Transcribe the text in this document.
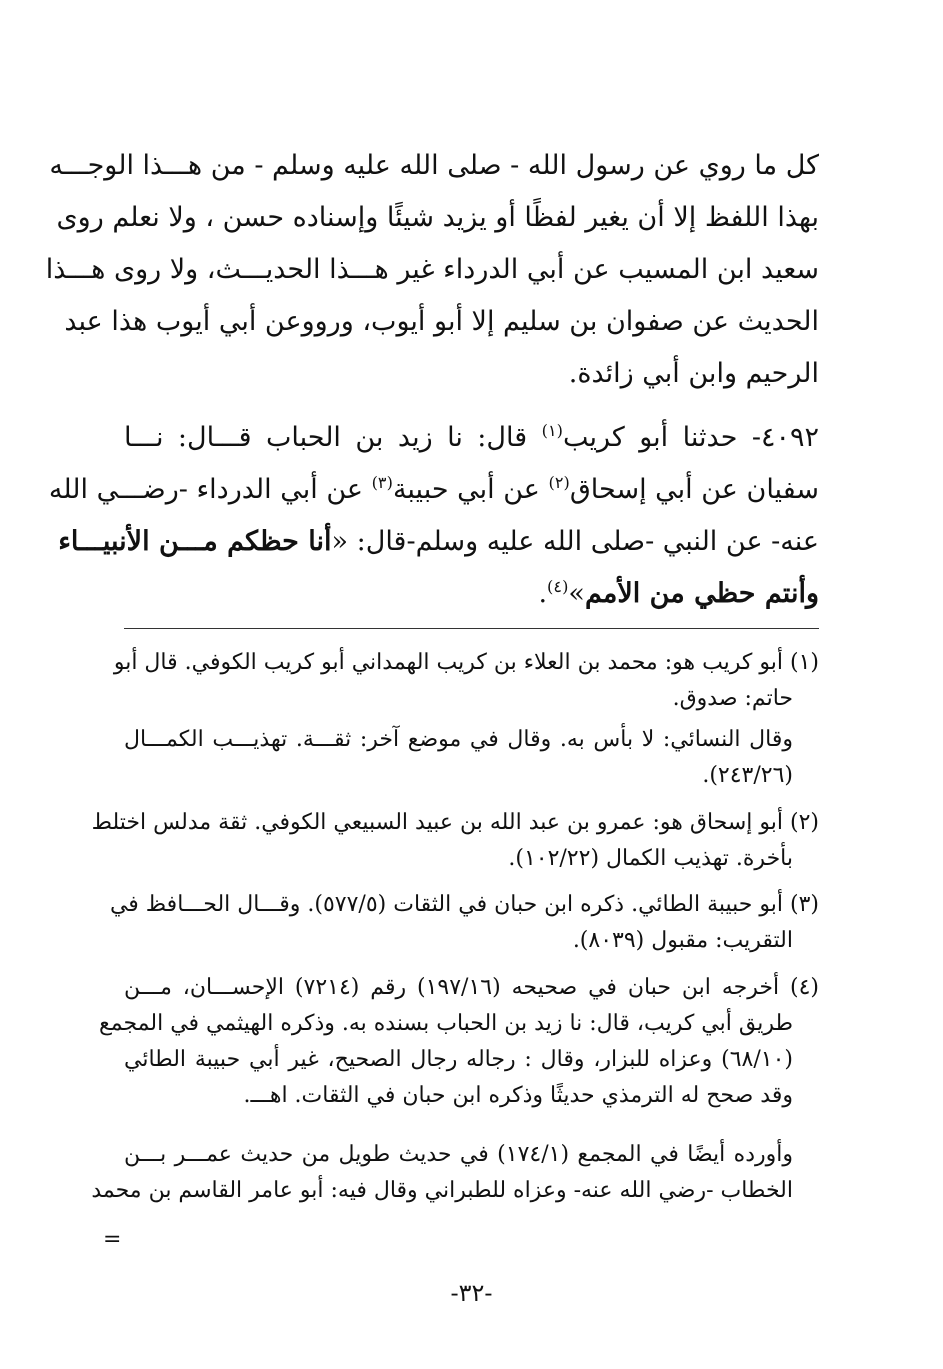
كل ما روي عن رسول الله - صلى الله عليه وسلم - من هـــذا الوجـــه
بهذا اللفظ إلا أن يغير لفظًا أو يزيد شيئًا وإسناده حسن ، ولا نعلم روى
سعيد ابن المسيب عن أبي الدرداء غير هـــذا الحديـــث، ولا روى هـــذا
الحديث عن صفوان بن سليم إلا أبو أيوب، ورووعن أبي أيوب هذا عبد
الرحيم وابن أبي زائدة.
٤٠٩٢- حدثنا أبو كريب$^{(١)}$ قال: نا زيد بن الحباب قـــال: نـــا
سفيان عن أبي إسحاق$^{(٢)}$ عن أبي حبيبة$^{(٣)}$ عن أبي الدرداء -رضـــي الله
عنه- عن النبي -صلى الله عليه وسلم-قال: «أنا حظكم مـــن الأنبيـــاء
وأنتم حظي من الأمم»$^{(٤)}$.
(١) أبو كريب هو: محمد بن العلاء بن كريب الهمداني أبو كريب الكوفي. قال أبو
حاتم: صدوق.
وقال النسائي: لا بأس به. وقال في موضع آخر: ثقـــة. تهذيـــب الكمـــال
(٢٤٣/٢٦).
(٢) أبو إسحاق هو: عمرو بن عبد الله بن عبيد السبيعي الكوفي. ثقة مدلس اختلط
بأخرة. تهذيب الكمال (١٠٢/٢٢).
(٣) أبو حبيبة الطائي. ذكره ابن حبان في الثقات (٥٧٧/٥). وقـــال الحـــافظ في
التقريب: مقبول (٨٠٣٩).
(٤) أخرجه ابن حبان في صحيحه (١٩٧/١٦) رقم (٧٢١٤) الإحســـان، مـــن
طريق أبي كريب، قال: نا زيد بن الحباب بسنده به. وذكره الهيثمي في المجمع
(٦٨/١٠) وعزاه للبزار، وقال : رجاله رجال الصحيح، غير أبي حبيبة الطائي
وقد صحح له الترمذي حديثًا وذكره ابن حبان في الثقات. اهـــ.
وأورده أيضًا في المجمع (١٧٤/١) في حديث طويل من حديث عمـــر بـــن
الخطاب -رضي الله عنه- وعزاه للطبراني وقال فيه: أبو عامر القاسم بن محمد
=
-٣٢-
